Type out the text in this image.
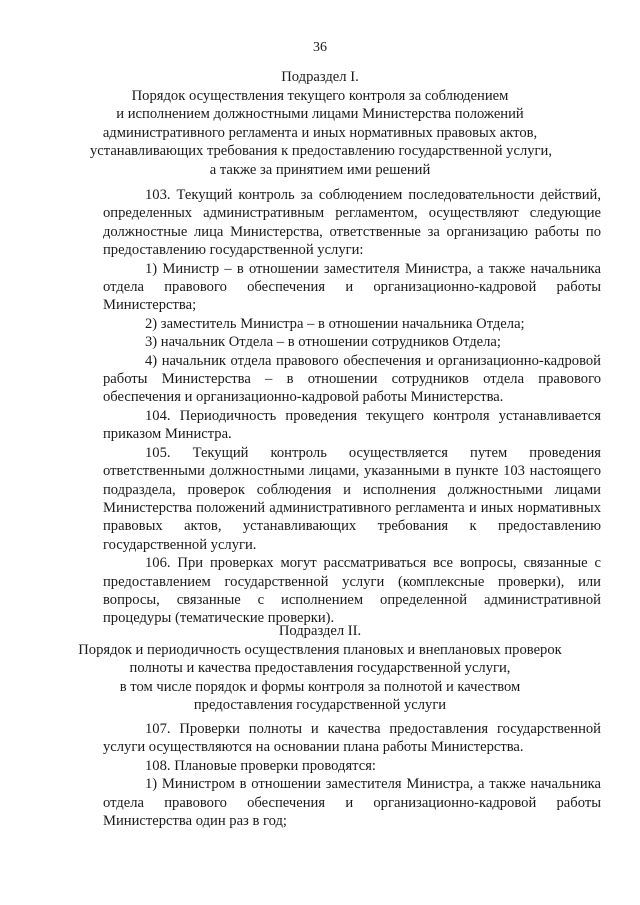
36
Подраздел I.
Порядок осуществления текущего контроля за соблюдением
и исполнением должностными лицами Министерства положений
административного регламента и иных нормативных правовых актов,
устанавливающих требования к предоставлению государственной услуги,
а также за принятием ими решений

103. Текущий контроль за соблюдением последовательности действий, определенных административным регламентом, осуществляют следующие должностные лица Министерства, ответственные за организацию работы по предоставлению государственной услуги:

1) Министр – в отношении заместителя Министра, а также начальника отдела правового обеспечения и организационно-кадровой работы Министерства;

2) заместитель Министра – в отношении начальника Отдела;

3) начальник Отдела – в отношении сотрудников Отдела;

4) начальник отдела правового обеспечения и организационно-кадровой работы Министерства – в отношении сотрудников отдела правового обеспечения и организационно-кадровой работы Министерства.

104. Периодичность проведения текущего контроля устанавливается приказом Министра.

105. Текущий контроль осуществляется путем проведения ответственными должностными лицами, указанными в пункте 103 настоящего подраздела, проверок соблюдения и исполнения должностными лицами Министерства положений административного регламента и иных нормативных правовых актов, устанавливающих требования к предоставлению государственной услуги.

106. При проверках могут рассматриваться все вопросы, связанные с предоставлением государственной услуги (комплексные проверки), или вопросы, связанные с исполнением определенной административной процедуры (тематические проверки).

Подраздел II.
Порядок и периодичность осуществления плановых и внеплановых проверок
полноты и качества предоставления государственной услуги,
в том числе порядок и формы контроля за полнотой и качеством
предоставления государственной услуги

107. Проверки полноты и качества предоставления государственной услуги осуществляются на основании плана работы Министерства.

108. Плановые проверки проводятся:

1) Министром в отношении заместителя Министра, а также начальника отдела правового обеспечения и организационно-кадровой работы Министерства один раз в год;
